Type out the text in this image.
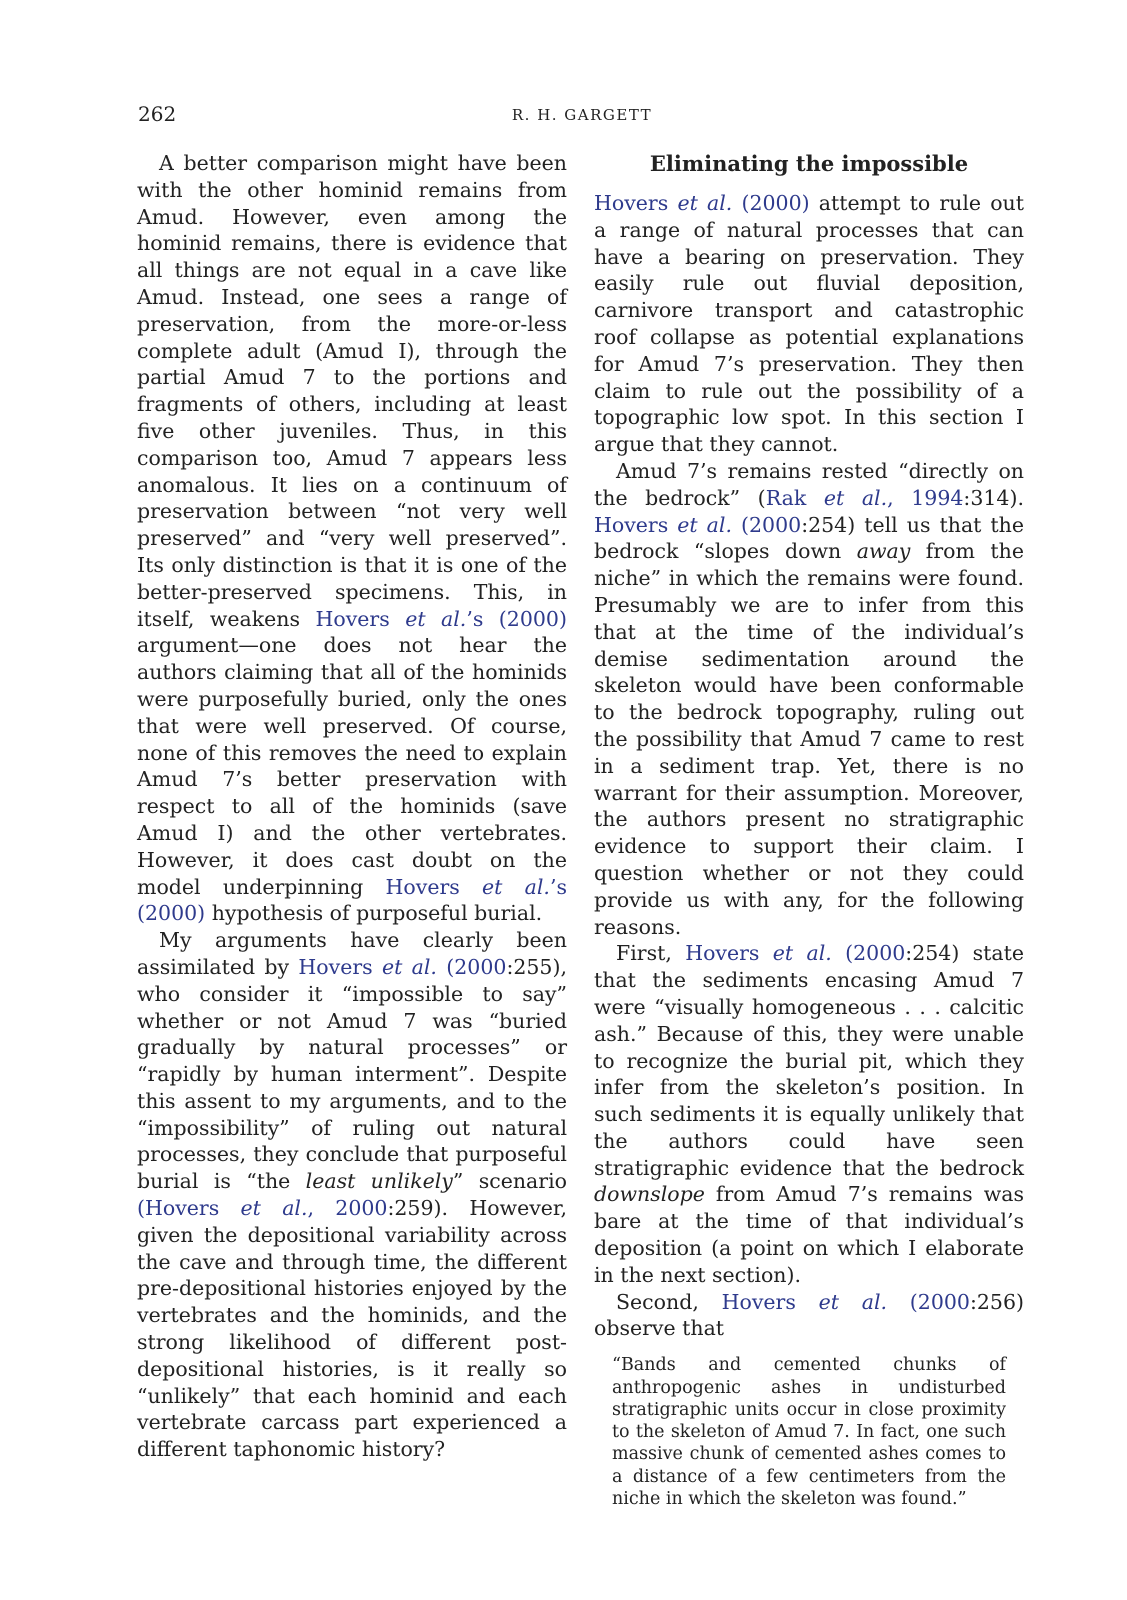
262	R. H. GARGETT

A better comparison might have been with the other hominid remains from Amud. However, even among the hominid remains, there is evidence that all things are not equal in a cave like Amud. Instead, one sees a range of preservation, from the more-or-less complete adult (Amud I), through the partial Amud 7 to the portions and fragments of others, including at least five other juveniles. Thus, in this comparison too, Amud 7 appears less anomalous. It lies on a continuum of preservation between “not very well preserved” and “very well preserved”. Its only distinction is that it is one of the better-preserved specimens. This, in itself, weakens Hovers et al.’s (2000) argument—one does not hear the authors claiming that all of the hominids were purposefully buried, only the ones that were well preserved. Of course, none of this removes the need to explain Amud 7’s better preservation with respect to all of the hominids (save Amud I) and the other vertebrates. However, it does cast doubt on the model underpinning Hovers et al.’s (2000) hypothesis of purposeful burial.

My arguments have clearly been assimilated by Hovers et al. (2000:255), who consider it “impossible to say” whether or not Amud 7 was “buried gradually by natural processes” or “rapidly by human interment”. Despite this assent to my arguments, and to the “impossibility” of ruling out natural processes, they conclude that purposeful burial is “the least unlikely” scenario (Hovers et al., 2000:259). However, given the depositional variability across the cave and through time, the different pre-depositional histories enjoyed by the vertebrates and the hominids, and the strong likelihood of different post-depositional histories, is it really so “unlikely” that each hominid and each vertebrate carcass part experienced a different taphonomic history?

Eliminating the impossible

Hovers et al. (2000) attempt to rule out a range of natural processes that can have a bearing on preservation. They easily rule out fluvial deposition, carnivore transport and catastrophic roof collapse as potential explanations for Amud 7’s preservation. They then claim to rule out the possibility of a topographic low spot. In this section I argue that they cannot.

Amud 7’s remains rested “directly on the bedrock” (Rak et al., 1994:314). Hovers et al. (2000:254) tell us that the bedrock “slopes down away from the niche” in which the remains were found. Presumably we are to infer from this that at the time of the individual’s demise sedimentation around the skeleton would have been conformable to the bedrock topography, ruling out the possibility that Amud 7 came to rest in a sediment trap. Yet, there is no warrant for their assumption. Moreover, the authors present no stratigraphic evidence to support their claim. I question whether or not they could provide us with any, for the following reasons.

First, Hovers et al. (2000:254) state that the sediments encasing Amud 7 were “visually homogeneous . . . calcitic ash.” Because of this, they were unable to recognize the burial pit, which they infer from the skeleton’s position. In such sediments it is equally unlikely that the authors could have seen stratigraphic evidence that the bedrock downslope from Amud 7’s remains was bare at the time of that individual’s deposition (a point on which I elaborate in the next section).

Second, Hovers et al. (2000:256) observe that

“Bands and cemented chunks of anthropogenic ashes in undisturbed stratigraphic units occur in close proximity to the skeleton of Amud 7. In fact, one such massive chunk of cemented ashes comes to a distance of a few centimeters from the niche in which the skeleton was found.”
